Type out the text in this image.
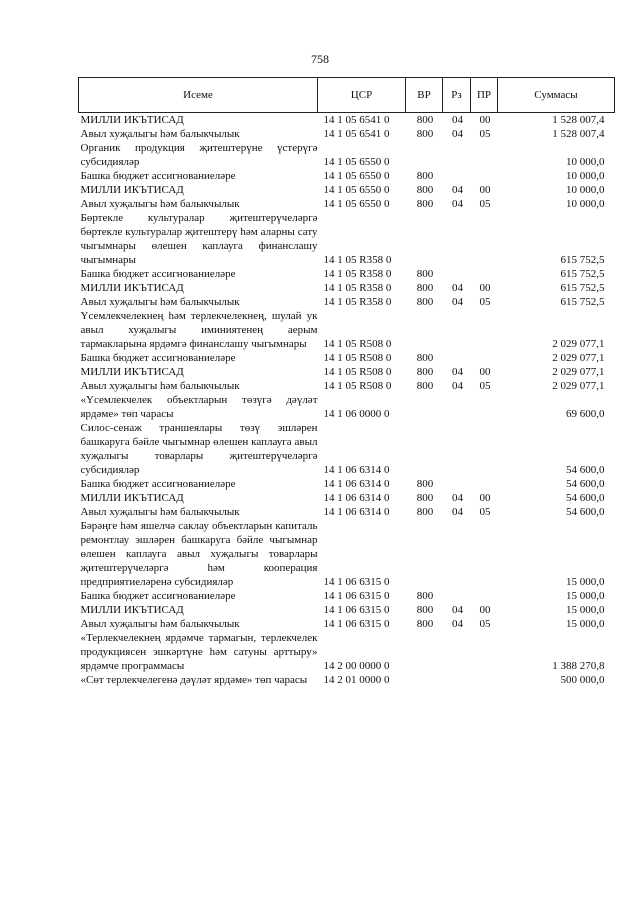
758
Исеме	ЦСР	ВР	Рз	ПР	Суммасы
МИЛЛИ ИКЪТИСАД	14 1 05 6541 0	800	04	00	1 528 007,4
Авыл хуҗалыгы һәм балыкчылык	14 1 05 6541 0	800	04	05	1 528 007,4
Органик продукция җитештерүне үстерүгә субсидияләр	14 1 05 6550 0				10 000,0
Башка бюджет ассигнованиеләре	14 1 05 6550 0	800			10 000,0
МИЛЛИ ИКЪТИСАД	14 1 05 6550 0	800	04	00	10 000,0
Авыл хуҗалыгы һәм балыкчылык	14 1 05 6550 0	800	04	05	10 000,0
Бөртекле культуралар җитештерүчеләргә бөртекле культуралар җитештерү һәм аларны сату чыгымнары өлешен каплауга финанслашу чыгымнары	14 1 05 R358 0				615 752,5
Башка бюджет ассигнованиеләре	14 1 05 R358 0	800			615 752,5
МИЛЛИ ИКЪТИСАД	14 1 05 R358 0	800	04	00	615 752,5
Авыл хуҗалыгы һәм балыкчылык	14 1 05 R358 0	800	04	05	615 752,5
Үсемлекчелекнең һәм терлекчелекнең, шулай ук авыл хуҗалыгы иминиятенең аерым тармакларына ярдәмгә финанслашу чыгымнары	14 1 05 R508 0				2 029 077,1
Башка бюджет ассигнованиеләре	14 1 05 R508 0	800			2 029 077,1
МИЛЛИ ИКЪТИСАД	14 1 05 R508 0	800	04	00	2 029 077,1
Авыл хуҗалыгы һәм балыкчылык	14 1 05 R508 0	800	04	05	2 029 077,1
«Үсемлекчелек объектларын төзүгә дәүләт ярдәме» төп чарасы	14 1 06 0000 0				69 600,0
Силос-сенаж траншеялары төзү эшләрен башкаруга бәйле чыгымнар өлешен каплауга авыл хуҗалыгы товарлары җитештерүчеләргә субсидияләр	14 1 06 6314 0				54 600,0
Башка бюджет ассигнованиеләре	14 1 06 6314 0	800			54 600,0
МИЛЛИ ИКЪТИСАД	14 1 06 6314 0	800	04	00	54 600,0
Авыл хуҗалыгы һәм балыкчылык	14 1 06 6314 0	800	04	05	54 600,0
Бәрәңге һәм яшелчә саклау объектларын капиталь ремонтлау эшләрен башкаруга бәйле чыгымнар өлешен каплауга авыл хуҗалыгы товарлары җитештерүчеләргә һәм кооперация предприятиеләренә субсидияләр	14 1 06 6315 0				15 000,0
Башка бюджет ассигнованиеләре	14 1 06 6315 0	800			15 000,0
МИЛЛИ ИКЪТИСАД	14 1 06 6315 0	800	04	00	15 000,0
Авыл хуҗалыгы һәм балыкчылык	14 1 06 6315 0	800	04	05	15 000,0
«Терлекчелекнең ярдәмче тармагын, терлекчелек продукциясен эшкәртүне һәм сатуны арттыру» ярдәмче программасы	14 2 00 0000 0				1 388 270,8
«Сөт терлекчелегенә дәүләт ярдәме» төп чарасы	14 2 01 0000 0				500 000,0
